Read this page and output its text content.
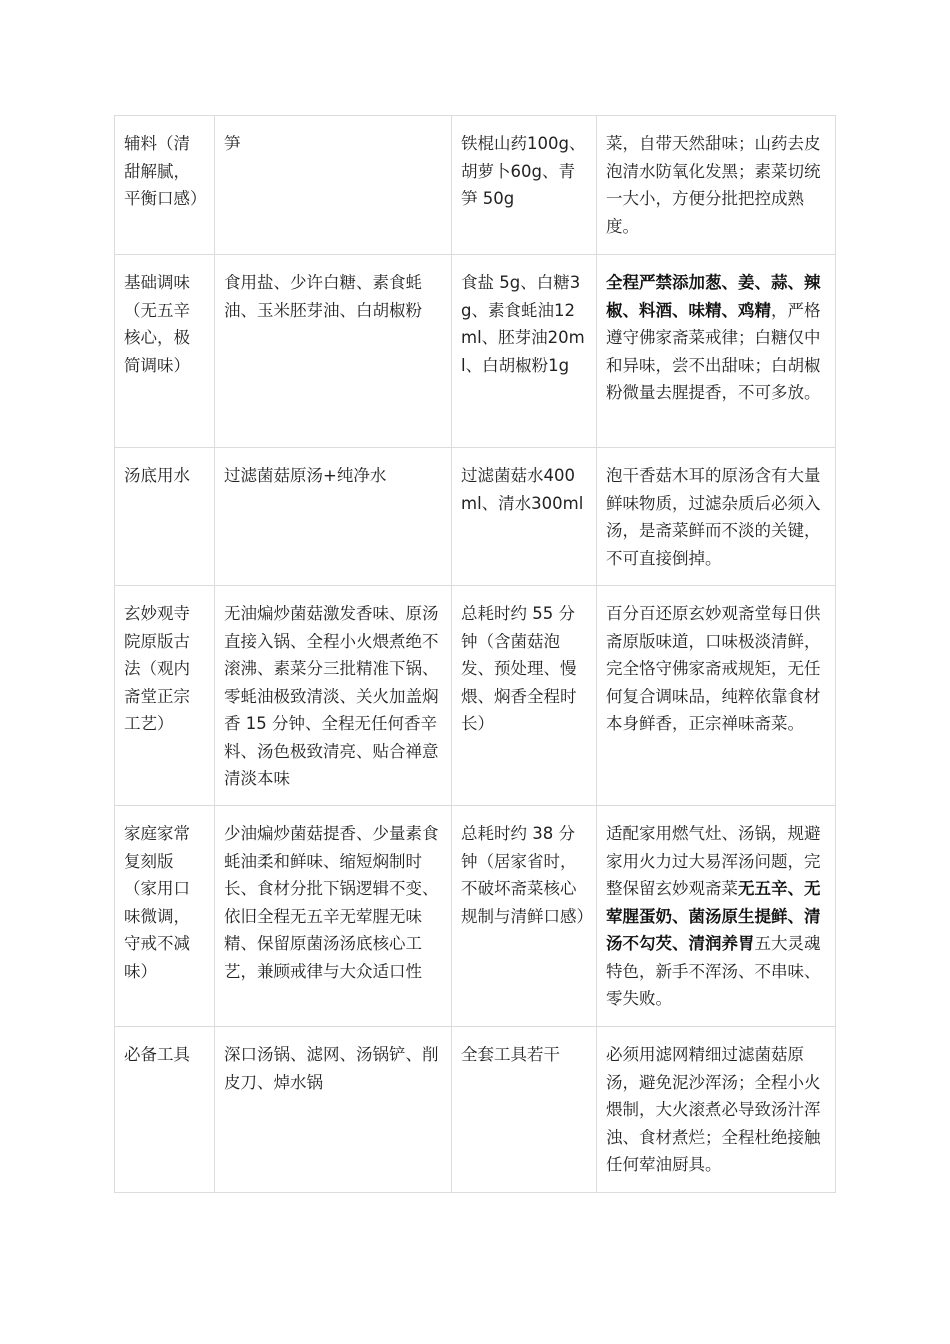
辅料（清甜解腻，平衡口感）	笋	铁棍山药100g、胡萝卜60g、青笋 50g	菜，自带天然甜味；山药去皮泡清水防氧化发黑；素菜切统一大小，方便分批把控成熟度。
基础调味（无五辛核心，极简调味）	食用盐、少许白糖、素食蚝油、玉米胚芽油、白胡椒粉	食盐 5g、白糖3g、素食蚝油12ml、胚芽油20ml、白胡椒粉1g	全程严禁添加葱、姜、蒜、辣椒、料酒、味精、鸡精，严格遵守佛家斋菜戒律；白糖仅中和异味，尝不出甜味；白胡椒粉微量去腥提香，不可多放。
汤底用水	过滤菌菇原汤+纯净水	过滤菌菇水400ml、清水300ml	泡干香菇木耳的原汤含有大量鲜味物质，过滤杂质后必须入汤，是斋菜鲜而不淡的关键，不可直接倒掉。
玄妙观寺院原版古法（观内斋堂正宗工艺）	无油煸炒菌菇激发香味、原汤直接入锅、全程小火煨煮绝不滚沸、素菜分三批精准下锅、零蚝油极致清淡、关火加盖焖香 15 分钟、全程无任何香辛料、汤色极致清亮、贴合禅意清淡本味	总耗时约 55 分钟（含菌菇泡发、预处理、慢煨、焖香全程时长）	百分百还原玄妙观斋堂每日供斋原版味道，口味极淡清鲜，完全恪守佛家斋戒规矩，无任何复合调味品，纯粹依靠食材本身鲜香，正宗禅味斋菜。
家庭家常复刻版（家用口味微调，守戒不减味）	少油煸炒菌菇提香、少量素食蚝油柔和鲜味、缩短焖制时长、食材分批下锅逻辑不变、依旧全程无五辛无荤腥无味精、保留原菌汤汤底核心工艺，兼顾戒律与大众适口性	总耗时约 38 分钟（居家省时，不破坏斋菜核心规制与清鲜口感）	适配家用燃气灶、汤锅，规避家用火力过大易浑汤问题，完整保留玄妙观斋菜无五辛、无荤腥蛋奶、菌汤原生提鲜、清汤不勾芡、清润养胃五大灵魂特色，新手不浑汤、不串味、零失败。
必备工具	深口汤锅、滤网、汤锅铲、削皮刀、焯水锅	全套工具若干	必须用滤网精细过滤菌菇原汤，避免泥沙浑汤；全程小火煨制，大火滚煮必导致汤汁浑浊、食材煮烂；全程杜绝接触任何荤油厨具。
